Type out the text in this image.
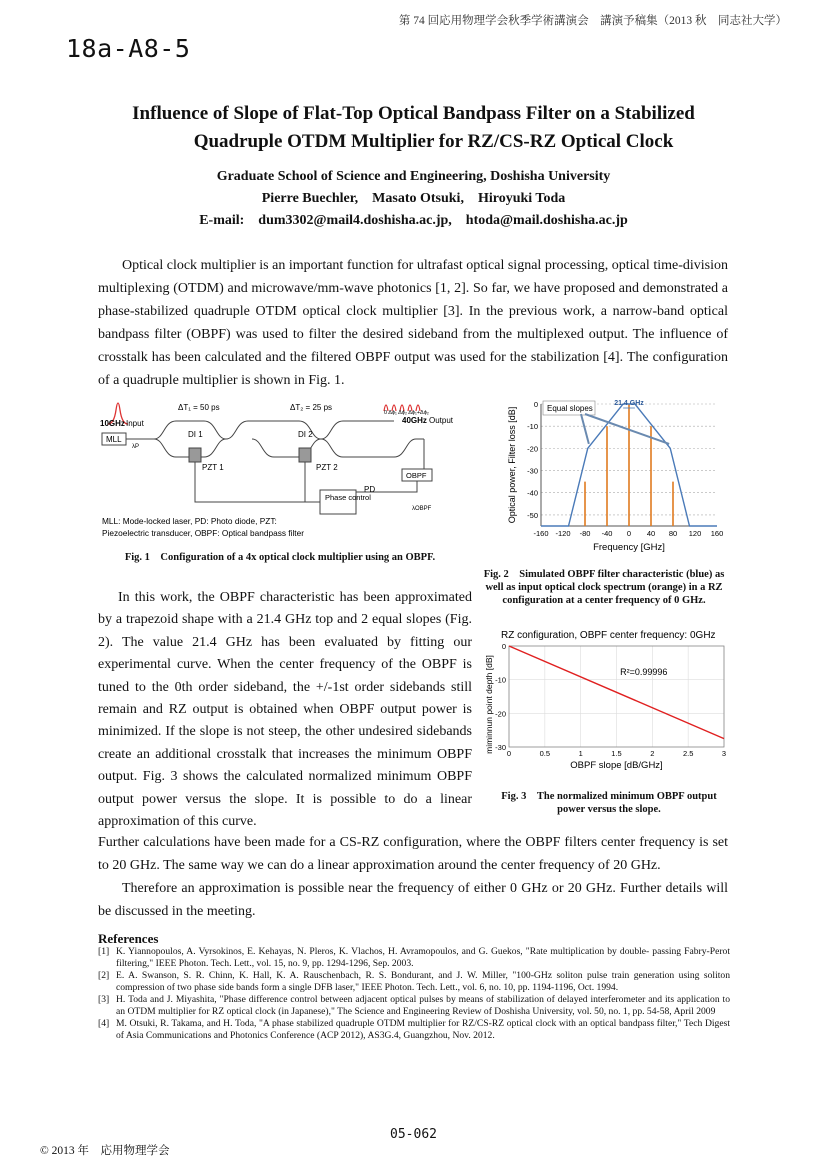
第 74 回応用物理学会秋季学術講演会　講演予稿集（2013 秋　同志社大学）
18a-A8-5
Influence of Slope of Flat-Top Optical Bandpass Filter on a Stabilized
Quadruple OTDM Multiplier for RZ/CS-RZ Optical Clock
Graduate School of Science and Engineering, Doshisha University
Pierre Buechler,　Masato Otsuki,　Hiroyuki Toda
E-mail:　dum3302@mail4.doshisha.ac.jp,　htoda@mail.doshisha.ac.jp
Optical clock multiplier is an important function for ultrafast optical signal processing, optical time-division multiplexing (OTDM) and microwave/mm-wave photonics [1, 2]. So far, we have proposed and demonstrated a phase-stabilized quadruple OTDM optical clock multiplier [3]. In the previous work, a narrow-band optical bandpass filter (OBPF) was used to filter the desired sideband from the multiplexed output. The influence of crosstalk has been calculated and the filtered OBPF output was used for the stabilization [4]. The configuration of a quadruple multiplier is shown in Fig. 1.
10GHz Input	40GHz Output
0 Δϕ₁ Δϕ₂ Δϕ₁+Δϕ₂
ΔT₁ = 50 ps	ΔT₂ = 25 ps
MLL
λP
DI 1	DI 2
PZT 1	PZT 2
OBPF
λOBPF
PD
Phase control
MLL: Mode-locked laser, PD: Photo diode, PZT:
Piezoelectric transducer, OBPF: Optical bandpass filter
Fig. 1　Configuration of a 4x optical clock multiplier using an OBPF.
0
-10
-20
-30
-40
-50
-160 -120 -80 -40 0 40 80 120 160
Frequency [GHz]
Optical power, Filter loss [dB]	Equal slopes
21.4 GHz
Fig. 2　Simulated OBPF filter characteristic (blue) as well as input optical clock spectrum (orange) in a RZ configuration at a center frequency of 0 GHz.
RZ configuration, OBPF center frequency: 0GHz
0	0.5	1	1.5	2	2.5	3
0
-10
-20
-30
R²=0.99996
OBPF slope [dB/GHz]
miminnun point depth [dB]
Fig. 3　The normalized minimum OBPF output power versus the slope.
In this work, the OBPF characteristic has been approximated by a trapezoid shape with a 21.4 GHz top and 2 equal slopes (Fig. 2). The value 21.4 GHz has been evaluated by fitting our experimental curve. When the center frequency of the OBPF is tuned to the 0th order sideband, the +/-1st order sidebands still remain and RZ output is obtained when OBPF output power is minimized. If the slope is not steep, the other undesired sidebands create an additional crosstalk that increases the minimum OBPF output. Fig. 3 shows the calculated normalized minimum OBPF output power versus the slope. It is possible to do a linear approximation of this curve.
Further calculations have been made for a CS-RZ configuration, where the OBPF filters center frequency is set to 20 GHz. The same way we can do a linear approximation around the center frequency of 20 GHz.
Therefore an approximation is possible near the frequency of either 0 GHz or 20 GHz. Further details will be discussed in the meeting.
References
[1] K. Yiannopoulos, A. Vyrsokinos, E. Kehayas, N. Pleros, K. Vlachos, H. Avramopoulos, and G. Guekos, "Rate multiplication by double- passing Fabry-Perot filtering," IEEE Photon. Tech. Lett., vol. 15, no. 9, pp. 1294-1296, Sep. 2003.
[2] E. A. Swanson, S. R. Chinn, K. Hall, K. A. Rauschenbach, R. S. Bondurant, and J. W. Miller, "100-GHz soliton pulse train generation using soliton compression of two phase side bands form a single DFB laser," IEEE Photon. Tech. Lett., vol. 6, no. 10, pp. 1194-1196, Oct. 1994.
[3] H. Toda and J. Miyashita, "Phase difference control between adjacent optical pulses by means of stabilization of delayed interferometer and its application to an OTDM multiplier for RZ optical clock (in Japanese)," The Science and Engineering Review of Doshisha University, vol. 50, no. 1, pp. 54-58, April 2009
[4] M. Otsuki, R. Takama, and H. Toda, "A phase stabilized quadruple OTDM multiplier for RZ/CS-RZ optical clock with an optical bandpass filter," Tech Digest of Asia Communications and Photonics Conference (ACP 2012), AS3G.4, Guangzhou, Nov. 2012.
© 2013 年　応用物理学会
05-062
